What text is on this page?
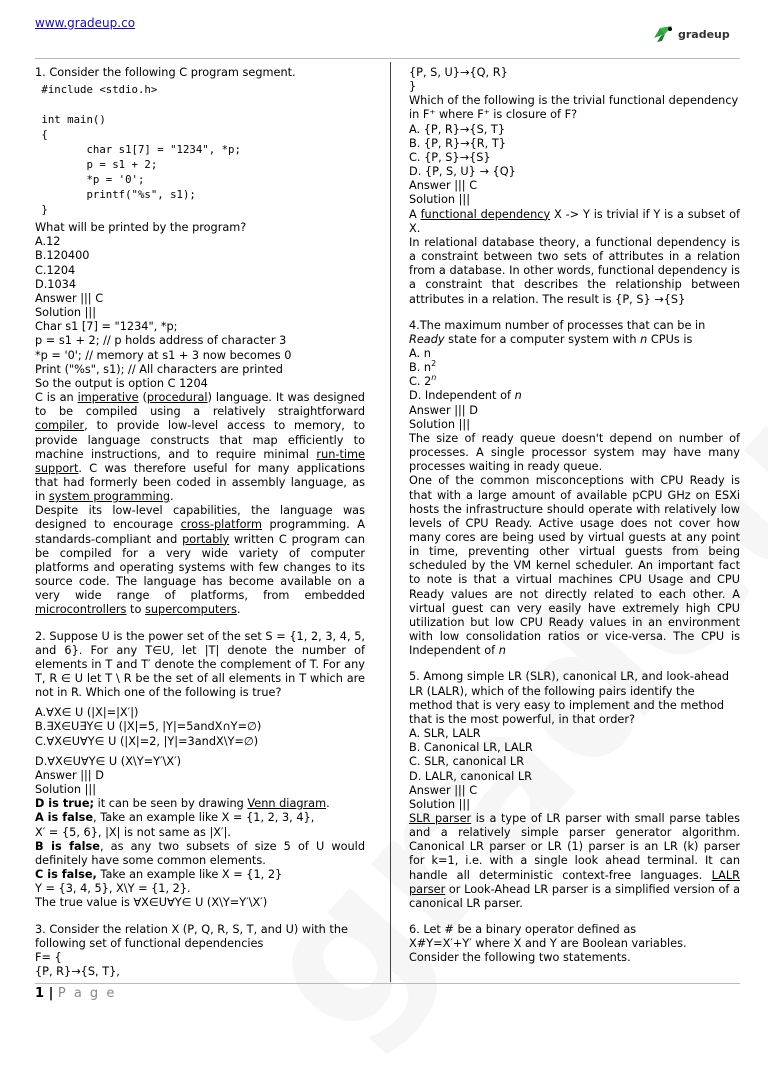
www.gradeup.co
gradeup

1. Consider the following C program segment.

#include <stdio.h>

int main()
{
char s1[7] = "1234", *p;
p = s1 + 2;
*p = '0';
printf("%s", s1);
}

What will be printed by the program?

A.12

B.120400

C.1204

D.1034

Answer ||| C

Solution |||

Char s1 [7] = "1234", *p;

p = s1 + 2; // p holds address of character 3

*p = '0'; // memory at s1 + 3 now becomes 0

Print ("%s", s1); // All characters are printed

So the output is option C 1204

C is an imperative (procedural) language. It was designed to be compiled using a relatively straightforward compiler, to provide low-level access to memory, to provide language constructs that map efficiently to machine instructions, and to require minimal run-time support. C was therefore useful for many applications that had formerly been coded in assembly language, as in system programming.

Despite its low-level capabilities, the language was designed to encourage cross-platform programming. A standards-compliant and portably written C program can be compiled for a very wide variety of computer platforms and operating systems with few changes to its source code. The language has become available on a very wide range of platforms, from embedded microcontrollers to supercomputers.

2. Suppose U is the power set of the set S = {1, 2, 3, 4, 5, and 6}. For any T∈U, let |T| denote the number of elements in T and T′ denote the complement of T. For any T, R ∈ U let T \ R be the set of all elements in T which are not in R. Which one of the following is true?

A.∀X∈ U (|X|=|X′|)

B.∃X∈U∃Y∈ U (|X|=5, |Y|=5andX∩Y=∅)

C.∀X∈U∀Y∈ U (|X|=2, |Y|=3andX\Y=∅)

D.∀X∈U∀Y∈ U (X\Y=Y′\X′)

Answer ||| D

Solution |||

D is true; it can be seen by drawing Venn diagram.

A is false, Take an example like X = {1, 2, 3, 4},

X′ = {5, 6}, |X| is not same as |X′|.

B is false, as any two subsets of size 5 of U would definitely have some common elements.

C is false, Take an example like X = {1, 2}

Y = {3, 4, 5}, X\Y = {1, 2}.

The true value is ∀X∈U∀Y∈ U (X\Y=Y′\X′)

3. Consider the relation X (P, Q, R, S, T, and U) with the following set of functional dependencies

F= {

{P, R}→{S, T},

{P, S, U}→{Q, R}

}

Which of the following is the trivial functional dependency in F⁺ where F⁺ is closure of F?

A. {P, R}→{S, T}

B. {P, R}→{R, T}

C. {P, S}→{S}

D. {P, S, U} → {Q}

Answer ||| C

Solution |||

A functional dependency X -> Y is trivial if Y is a subset of X.

In relational database theory, a functional dependency is a constraint between two sets of attributes in a relation from a database. In other words, functional dependency is a constraint that describes the relationship between attributes in a relation. The result is {P, S} →{S}

4.The maximum number of processes that can be in Ready state for a computer system with n CPUs is

A. n

B. $n^2$

C. 2$^n$

D. Independent of n

Answer ||| D

Solution |||

The size of ready queue doesn't depend on number of processes. A single processor system may have many processes waiting in ready queue.

One of the common misconceptions with CPU Ready is that with a large amount of available pCPU GHz on ESXi hosts the infrastructure should operate with relatively low levels of CPU Ready. Active usage does not cover how many cores are being used by virtual guests at any point in time, preventing other virtual guests from being scheduled by the VM kernel scheduler. An important fact to note is that a virtual machines CPU Usage and CPU Ready values are not directly related to each other. A virtual guest can very easily have extremely high CPU utilization but low CPU Ready values in an environment with low consolidation ratios or vice-versa. The CPU is Independent of n

5. Among simple LR (SLR), canonical LR, and look-ahead LR (LALR), which of the following pairs identify the method that is very easy to implement and the method that is the most powerful, in that order?

A. SLR, LALR

B. Canonical LR, LALR

C. SLR, canonical LR

D. LALR, canonical LR

Answer ||| C

Solution |||

SLR parser is a type of LR parser with small parse tables and a relatively simple parser generator algorithm. Canonical LR parser or LR (1) parser is an LR (k) parser for k=1, i.e. with a single look ahead terminal. It can handle all deterministic context-free languages. LALR parser or Look-Ahead LR parser is a simplified version of a canonical LR parser.

6. Let # be a binary operator defined as

X#Y=X′+Y′ where X and Y are Boolean variables.

Consider the following two statements.

1 | P a g e
